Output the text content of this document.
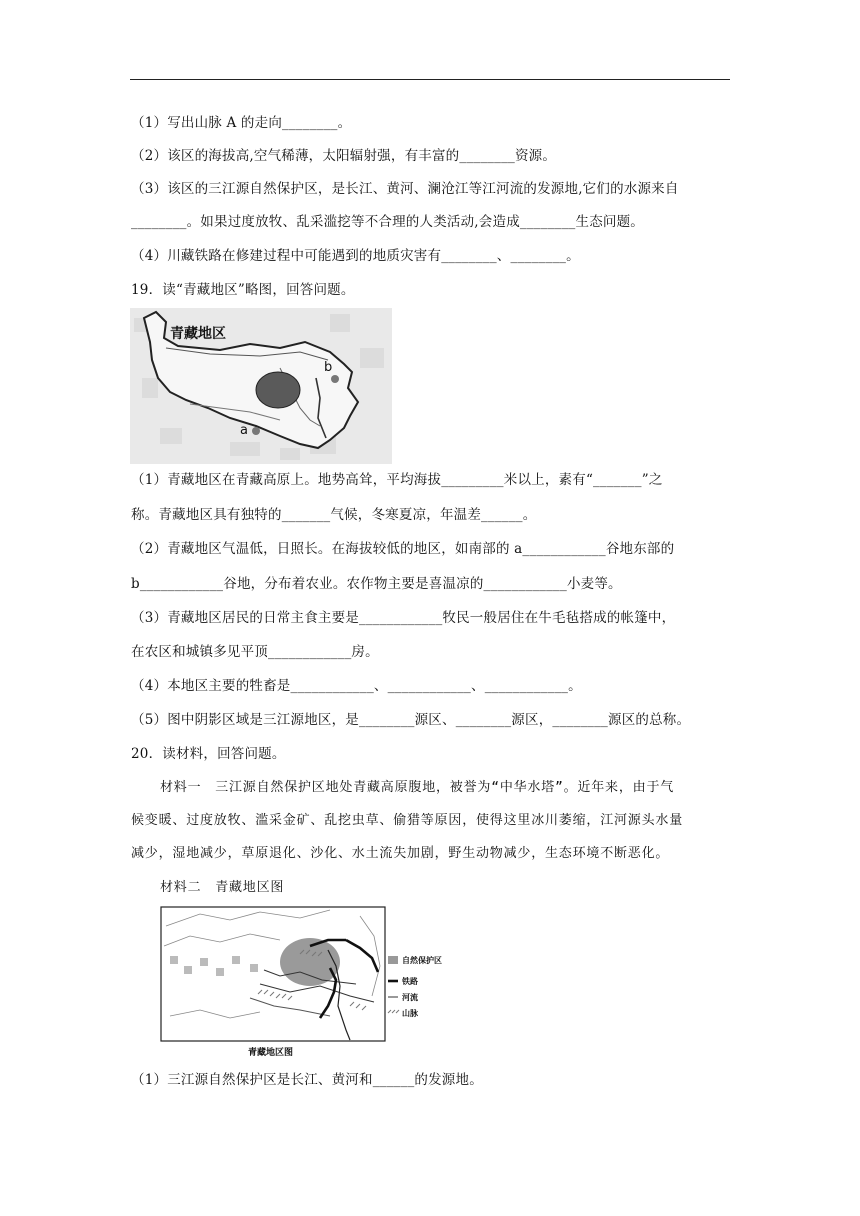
（1）写出山脉 A 的走向________。
（2）该区的海拔高,空气稀薄，太阳辐射强，有丰富的________资源。
（3）该区的三江源自然保护区，是长江、黄河、澜沧江等江河流的发源地,它们的水源来自
________。如果过度放牧、乱采滥挖等不合理的人类活动,会造成________生态问题。
（4）川藏铁路在修建过程中可能遇到的地质灾害有________、________。
19．读“青藏地区”略图，回答问题。
青藏地区
a
b
（1）青藏地区在青藏高原上。地势高耸，平均海拔_________米以上，素有“_______”之
称。青藏地区具有独特的_______气候，冬寒夏凉，年温差______。
（2）青藏地区气温低，日照长。在海拔较低的地区，如南部的 a____________谷地东部的
b____________谷地，分布着农业。农作物主要是喜温凉的____________小麦等。
（3）青藏地区居民的日常主食主要是____________牧民一般居住在牛毛毡搭成的帐篷中，
在农区和城镇多见平顶____________房。
（4）本地区主要的牲畜是____________、____________、____________。
（5）图中阴影区域是三江源地区，是________源区、________源区，________源区的总称。
20．读材料，回答问题。
材料一　三江源自然保护区地处青藏高原腹地，被誉为“中华水塔”。近年来，由于气
候变暖、过度放牧、滥采金矿、乱挖虫草、偷猎等原因，使得这里冰川萎缩，江河源头水量
减少，湿地减少，草原退化、沙化、水土流失加剧，野生动物减少，生态环境不断恶化。
材料二　青藏地区图
自然保护区
铁路
河流
山脉
青藏地区图
（1）三江源自然保护区是长江、黄河和______的发源地。
